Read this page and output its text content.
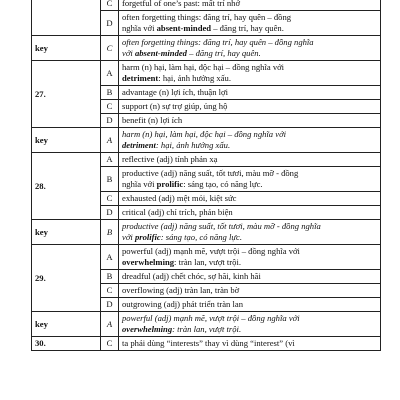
	C	forgetful of one’s past: mất trí nhớ

	D	often forgetting things: đãng trí, hay quên – đồng
nghĩa với absent-minded – đãng trí, hay quên.

key	C	often forgetting things: đãng trí, hay quên – đồng nghĩa
với absent-minded – đãng trí, hay quên.

27.	A	harm (n) hại, làm hại, độc hại – đồng nghĩa với
detriment: hại, ảnh hưởng xấu.

	B	advantage (n) lợi ích, thuận lợi

	C	support (n) sự trợ giúp, ủng hộ

	D	benefit (n) lợi ích

key	A	harm (n) hại, làm hại, độc hại – đồng nghĩa với
detriment: hại, ảnh hưởng xấu.

28.	A	reflective (adj) tính phản xạ

	B	productive (adj) năng suất, tốt tươi, màu mỡ - đồng
nghĩa với prolific: sáng tạo, có năng lực.

	C	exhausted (adj) mệt mỏi, kiệt sức

	D	critical (adj) chỉ trích, phản biện

key	B	productive (adj) năng suất, tốt tươi, màu mỡ - đồng nghĩa
với prolific: sáng tạo, có năng lực.

29.	A	powerful (adj) mạnh mẽ, vượt trội – đồng nghĩa với
overwhelming: tràn lan, vượt trội.

	B	dreadful (adj) chết chóc, sợ hãi, kinh hãi

	C	overflowing (adj) tràn lan, tràn bờ

	D	outgrowing (adj) phát triển tràn lan

key	A	powerful (adj) mạnh mẽ, vượt trội – đồng nghĩa với
overwhelming: tràn lan, vượt trội.

30.	C	ta phải dùng “interests” thay vì dùng “interest” (vì
